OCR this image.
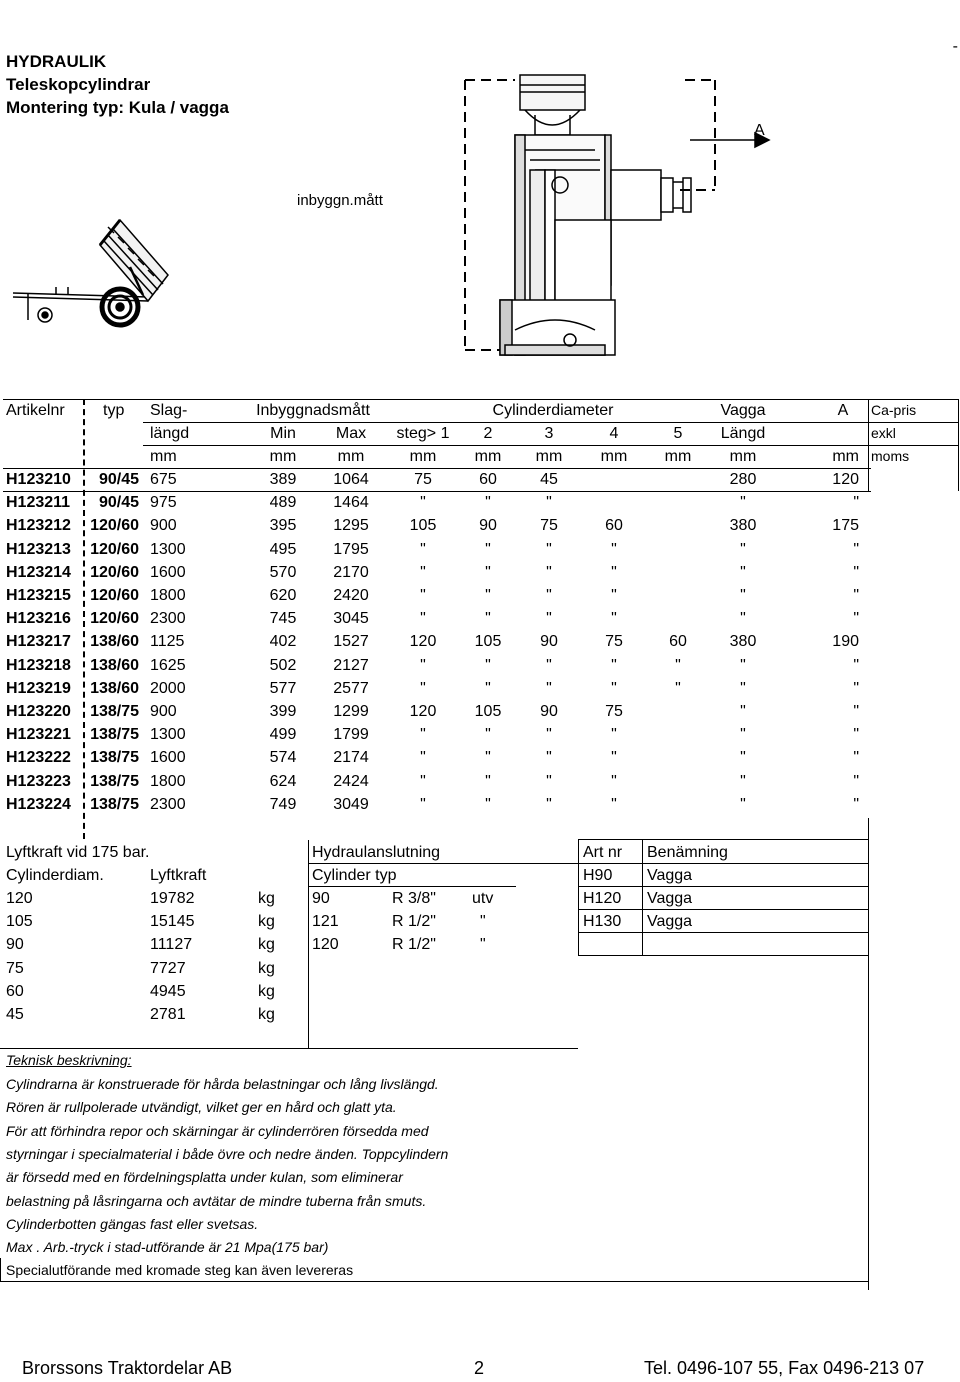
HYDRAULIK
Teleskopcylindrar
Montering typ: Kula / vagga
-
A
inbyggn.mått
Artikelnr	typ	Slag-	Inbyggnadsmått	Cylinderdiameter	Vagga	A	Ca-pris
längd	Min	Max	steg> 1	2	3	4	5	Längd	exkl
mm	mm	mm	mm	mm	mm	mm	mm	mm	mm moms
H123210	90/45 675	389	1064	75	60	45	280	120
H123211	90/45 975	489	1464	"	"	"	"	"
H123212	120/60 900	395	1295	105	90	75	60	380	175
H123213	120/60 1300	495	1795	"	"	"	"	"	"
H123214	120/60 1600	570	2170	"	"	"	"	"	"
H123215	120/60 1800	620	2420	"	"	"	"	"	"
H123216	120/60 2300	745	3045	"	"	"	"	"	"
H123217	138/60 1125	402	1527	120	105	90	75	60	380	190
H123218	138/60 1625	502	2127	"	"	"	"	"	"	"
H123219	138/60 2000	577	2577	"	"	"	"	"	"	"
H123220	138/75 900	399	1299	120	105	90	75	"	"
H123221	138/75 1300	499	1799	"	"	"	"	"	"
H123222	138/75 1600	574	2174	"	"	"	"	"	"
H123223	138/75 1800	624	2424	"	"	"	"	"	"
H123224	138/75 2300	749	3049	"	"	"	"	"	"
Lyftkraft vid 175 bar.
Cylinderdiam.	Lyftkraft
120	19782	kg
105	15145	kg
90	11127	kg
75	7727	kg
60	4945	kg
45	2781	kg
Hydraulanslutning
Cylinder typ
90	R 3/8" utv
121	R 1/2"	"
120	R 1/2"	"
Art nr Benämning
H90 Vagga
H120 Vagga
H130 Vagga
Teknisk beskrivning:
Cylindrarna är konstruerade för hårda belastningar och lång livslängd.
Rören är rullpolerade utvändigt, vilket ger en hård och glatt yta.
För att förhindra repor och skärningar är cylinderrören försedda med
styrningar i specialmaterial i både övre och nedre änden. Toppcylindern
är försedd med en fördelningsplatta under kulan, som eliminerar
belastning på låsringarna och avtätar de mindre tuberna från smuts.
Cylinderbotten gängas fast eller svetsas.
Max . Arb.-tryck i stad-utförande är 21 Mpa(175 bar)
Specialutförande med kromade steg kan även levereras
Brorssons Traktordelar AB	2	Tel. 0496-107 55, Fax 0496-213 07
